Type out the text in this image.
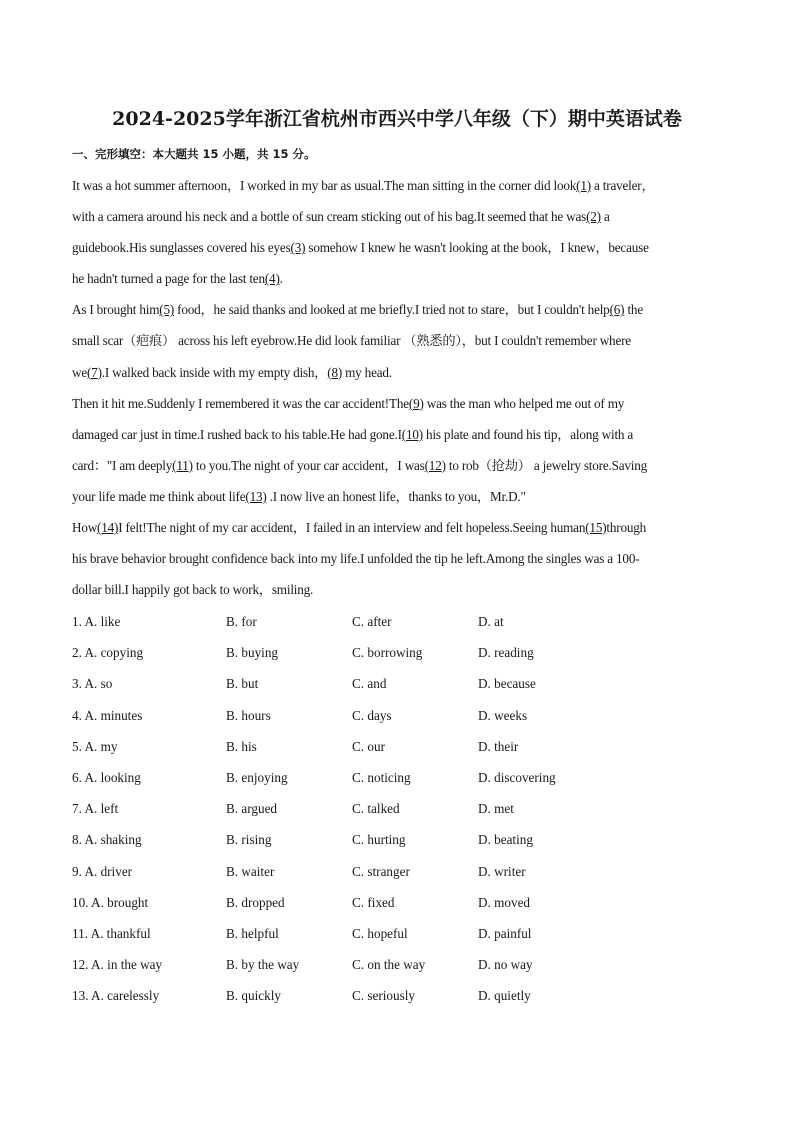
2024-2025学年浙江省杭州市西兴中学八年级（下）期中英语试卷
一、完形填空：本大题共 15 小题，共 15 分。

It was a hot summer afternoon，I worked in my bar as usual.The man sitting in the corner did look(1) a traveler，

with a camera around his neck and a bottle of sun cream sticking out of his bag.It seemed that he was(2) a

guidebook.His sunglasses covered his eyes(3) somehow I knew he wasn't looking at the book，I knew，because

he hadn't turned a page for the last ten(4).

As I brought him(5) food，he said thanks and looked at me briefly.I tried not to stare，but I couldn't help(6) the

small scar（疤痕） across his left eyebrow.He did look familiar （熟悉的），but I couldn't remember where

we(7).I walked back inside with my empty dish，(8) my head.

Then it hit me.Suddenly I remembered it was the car accident!The(9) was the man who helped me out of my

damaged car just in time.I rushed back to his table.He had gone.I(10) his plate and found his tip，along with a

card："I am deeply(11) to you.The night of your car accident，I was(12) to rob（抢劫） a jewelry store.Saving

your life made me think about life(13) .I now live an honest life，thanks to you，Mr.D."

How(14)I felt!The night of my car accident，I failed in an interview and felt hopeless.Seeing human(15)through

his brave behavior brought confidence back into my life.I unfolded the tip he left.Among the singles was a 100-

dollar bill.I happily got back to work，smiling.

1. A. like	B. for	C. after	D. at
2. A. copying	B. buying	C. borrowing	D. reading
3. A. so	B. but	C. and	D. because
4. A. minutes	B. hours	C. days	D. weeks
5. A. my	B. his	C. our	D. their
6. A. looking	B. enjoying	C. noticing	D. discovering
7. A. left	B. argued	C. talked	D. met
8. A. shaking	B. rising	C. hurting	D. beating
9. A. driver	B. waiter	C. stranger	D. writer
10. A. brought	B. dropped	C. fixed	D. moved
11. A. thankful	B. helpful	C. hopeful	D. painful
12. A. in the way	B. by the way	C. on the way	D. no way
13. A. carelessly	B. quickly	C. seriously	D. quietly
